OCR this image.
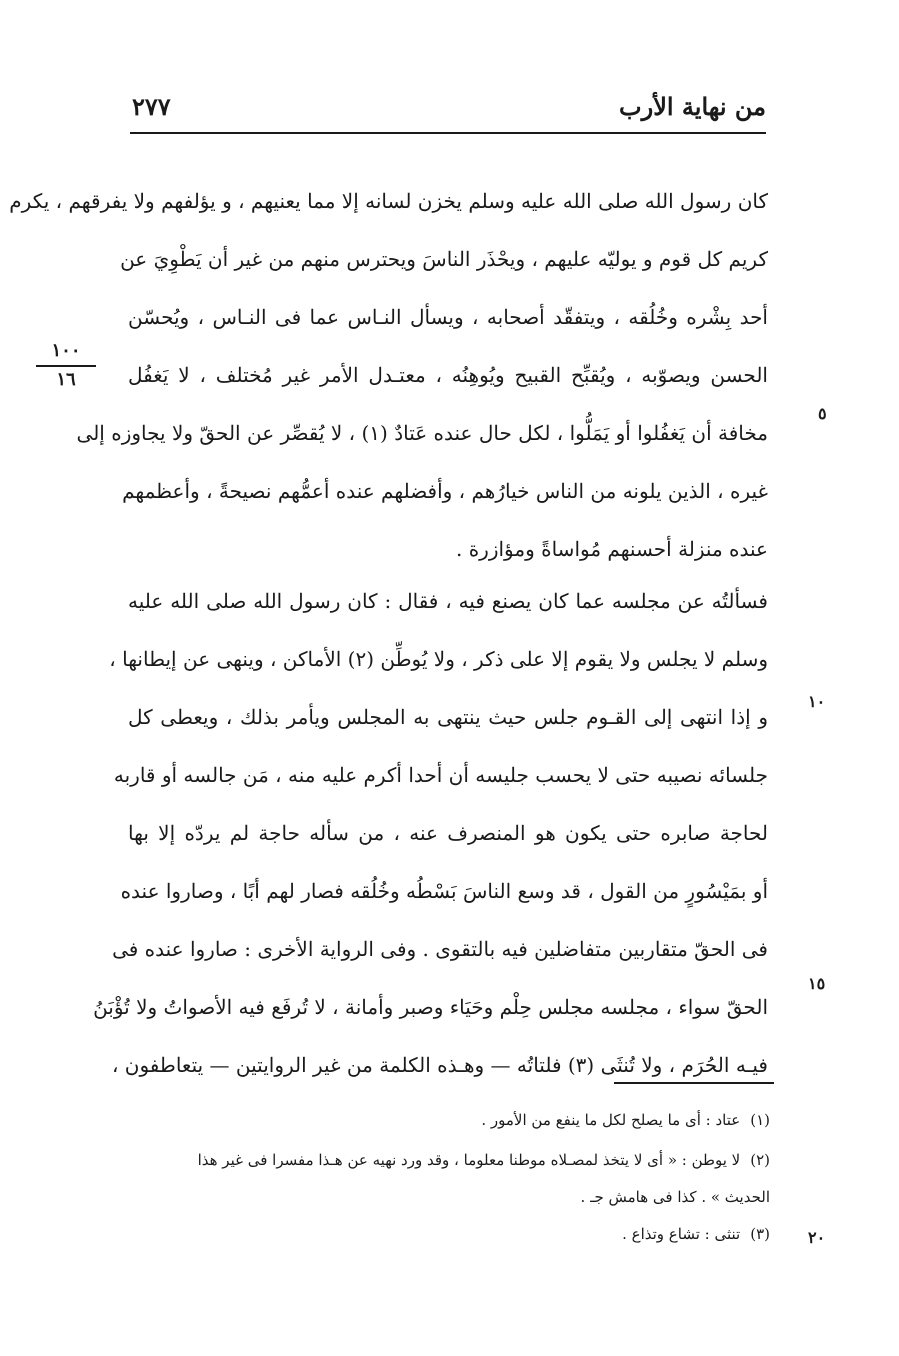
من نهاية الأرب
٢٧٧
١٠٠
١٦
٥
١٠
١٥
٢٠
كان رسول الله صلى الله عليه وسلم يخزن لسانه إلا مما يعنيهم ، و يؤلفهم ولا يفرقهم ، يكرم
كريم كل قوم و يوليّه عليهم ، ويحْذَر الناسَ ويحترس منهم من غير أن يَطْوِيَ عن
أحد بِشْره وخُلُقه ، ويتفقّد أصحابه ، ويسأل النـاس عما فى النـاس ، ويُحسّن
الحسن ويصوّبه ، ويُقبِّح القبيح ويُوهِنُه ، معتـدل الأمر غير مُختلف ، لا يَغفُل
مخافة أن يَغفُلوا أو يَمَلُّوا ، لكل حال عنده عَتادٌ (١) ، لا يُقصِّر عن الحقّ ولا يجاوزه إلى
غيره ، الذين يلونه من الناس خيارُهم ، وأفضلهم عنده أعمُّهم نصيحةً ، وأعظمهم
عنده منزلة أحسنهم مُواساةً ومؤازرة .
فسألتُه عن مجلسه عما كان يصنع فيه ، فقال : كان رسول الله صلى الله عليه
وسلم لا يجلس ولا يقوم إلا على ذكر ، ولا يُوطِّن (٢) الأماكن ، وينهى عن إيطانها ،
و إذا انتهى إلى القـوم جلس حيث ينتهى به المجلس ويأمر بذلك ، ويعطى كل
جلسائه نصيبه حتى لا يحسب جليسه أن أحدا أكرم عليه منه ، مَن جالسه أو قاربه
لحاجة صابره حتى يكون هو المنصرف عنه ، من سأله حاجة لم يردّه إلا بها
أو بمَيْسُورٍ من القول ، قد وسع الناسَ بَسْطُه وخُلُقه فصار لهم أبًا ، وصاروا عنده
فى الحقّ متقاربين متفاضلين فيه بالتقوى . وفى الرواية الأخرى : صاروا عنده فى
الحقّ سواء ، مجلسه مجلس حِلْم وحَيَاء وصبر وأمانة ، لا تُرفَع فيه الأصواتُ ولا تُؤْبَنُ
فيـه الحُرَم ، ولا تُنثَى (٣) فلتاتُه — وهـذه الكلمة من غير الروايتين — يتعاطفون ،
(١)عتاد : أى ما يصلح لكل ما ينفع من الأمور .
(٢)لا يوطن : « أى لا يتخذ لمصـلاه موطنا معلوما ، وقد ورد نهيه عن هـذا مفسرا فى غير هذا
الحديث » . كذا فى هامش جـ .
(٣)تنثى : تشاع وتذاع .
